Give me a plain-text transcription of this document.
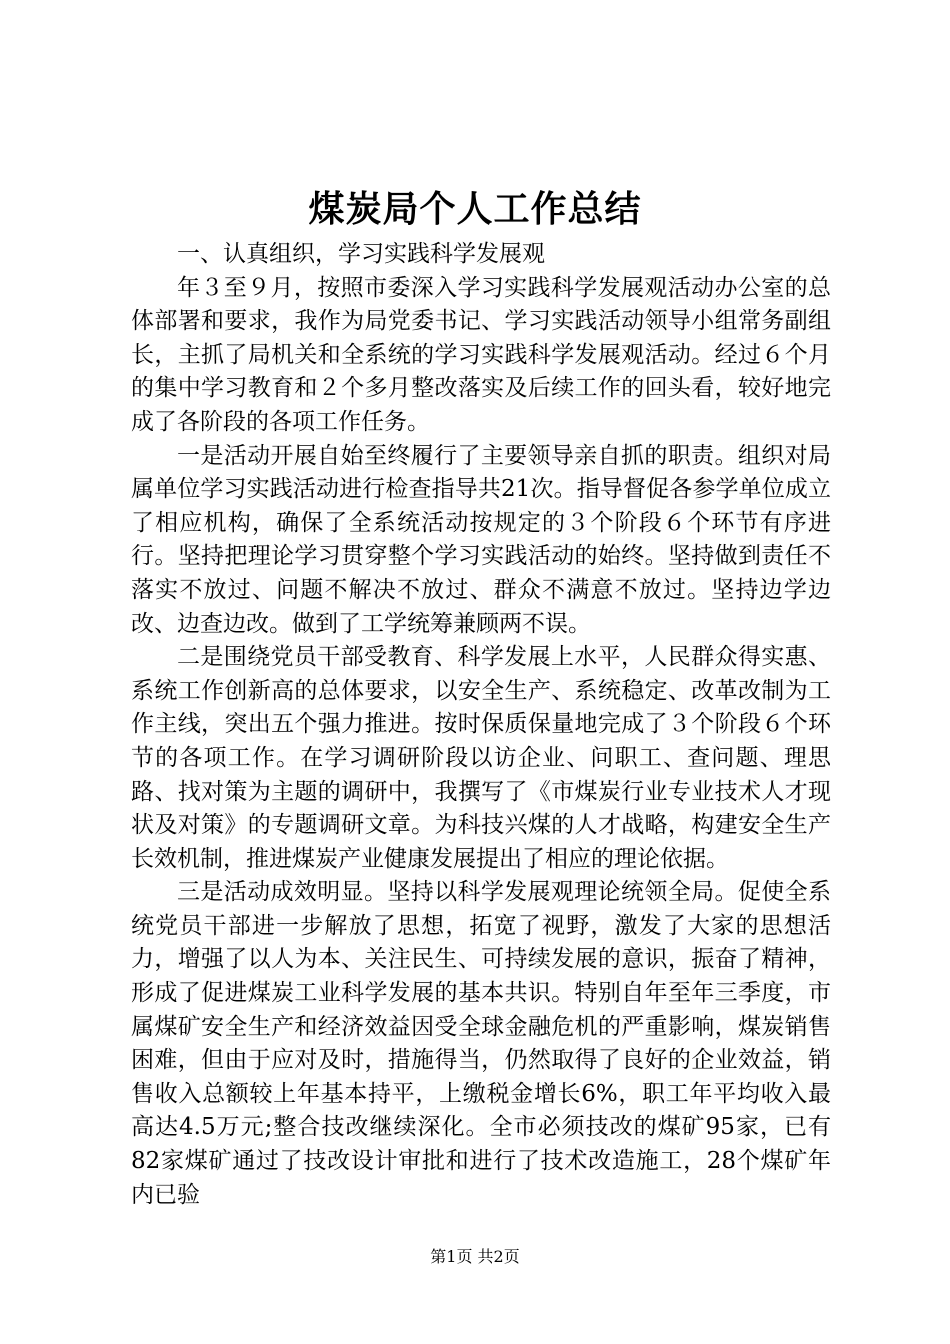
煤炭局个人工作总结

一、认真组织，学习实践科学发展观

年３至９月，按照市委深入学习实践科学发展观活动办公室的总体部署和要求，我作为局党委书记、学习实践活动领导小组常务副组长，主抓了局机关和全系统的学习实践科学发展观活动。经过６个月的集中学习教育和２个多月整改落实及后续工作的回头看，较好地完成了各阶段的各项工作任务。

一是活动开展自始至终履行了主要领导亲自抓的职责。组织对局属单位学习实践活动进行检查指导共21次。指导督促各参学单位成立了相应机构，确保了全系统活动按规定的３个阶段６个环节有序进行。坚持把理论学习贯穿整个学习实践活动的始终。坚持做到责任不落实不放过、问题不解决不放过、群众不满意不放过。坚持边学边改、边查边改。做到了工学统筹兼顾两不误。

二是围绕党员干部受教育、科学发展上水平，人民群众得实惠、系统工作创新高的总体要求，以安全生产、系统稳定、改革改制为工作主线，突出五个强力推进。按时保质保量地完成了３个阶段６个环节的各项工作。在学习调研阶段以访企业、问职工、查问题、理思路、找对策为主题的调研中，我撰写了《市煤炭行业专业技术人才现状及对策》的专题调研文章。为科技兴煤的人才战略，构建安全生产长效机制，推进煤炭产业健康发展提出了相应的理论依据。

三是活动成效明显。坚持以科学发展观理论统领全局。促使全系统党员干部进一步解放了思想，拓宽了视野，激发了大家的思想活力，增强了以人为本、关注民生、可持续发展的意识，振奋了精神，形成了促进煤炭工业科学发展的基本共识。特别自年至年三季度，市属煤矿安全生产和经济效益因受全球金融危机的严重影响，煤炭销售困难，但由于应对及时，措施得当，仍然取得了良好的企业效益，销售收入总额较上年基本持平，上缴税金增长6%，职工年平均收入最高达4.5万元;整合技改继续深化。全市必须技改的煤矿95家，已有82家煤矿通过了技改设计审批和进行了技术改造施工，28个煤矿年内已验

第1页 共2页
